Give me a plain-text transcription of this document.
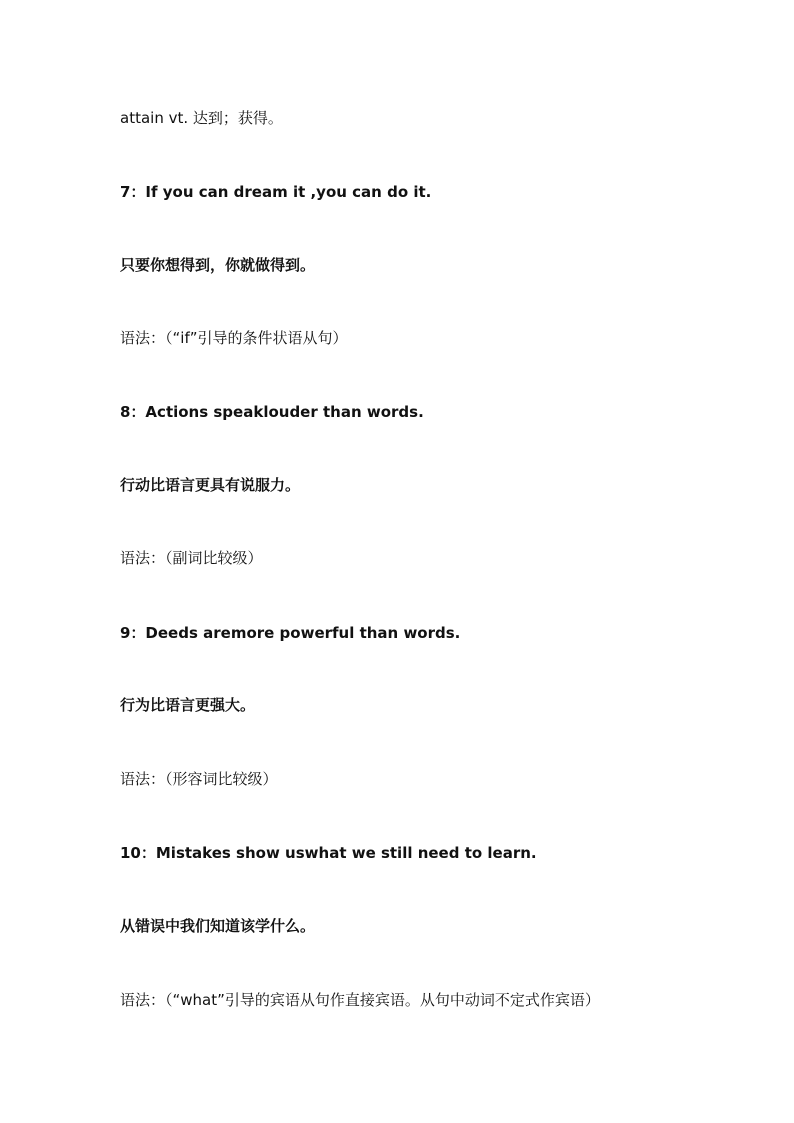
attain vt. 达到；获得。
7：If you can dream it ,you can do it.
只要你想得到，你就做得到。
语法：（“if”引导的条件状语从句）
8：Actions speaklouder than words.
行动比语言更具有说服力。
语法：（副词比较级）
9：Deeds aremore powerful than words.
行为比语言更强大。
语法：（形容词比较级）
10：Mistakes show uswhat we still need to learn.
从错误中我们知道该学什么。
语法：（“what”引导的宾语从句作直接宾语。从句中动词不定式作宾语）
